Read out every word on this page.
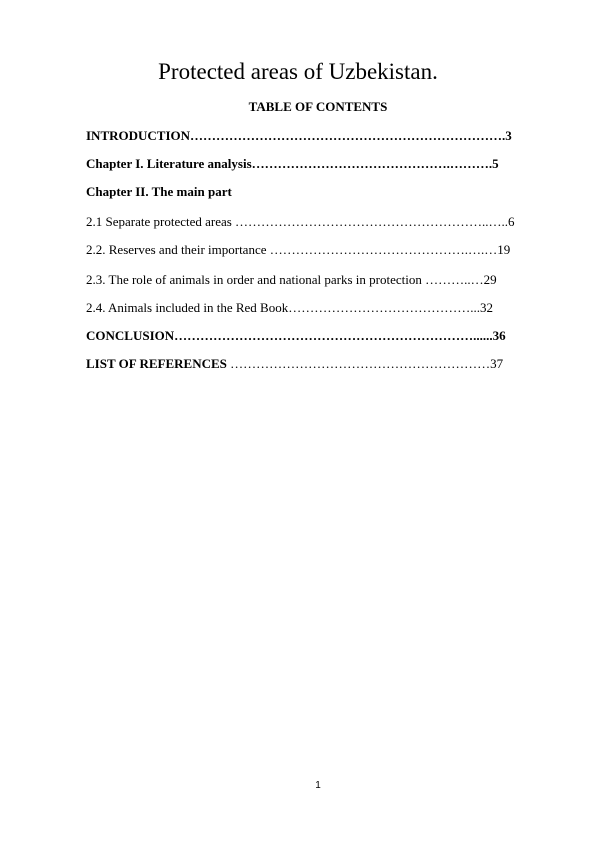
Protected areas of Uzbekistan.
TABLE OF CONTENTS
INTRODUCTION……………………………………………………………….3
Chapter I. Literature analysis……………………………………….……….5
Chapter II. The main part
2.1 Separate protected areas …………………………………………………..…..6
2.2. Reserves and their importance ……………………………………….….…19
2.3. The role of animals in order and national parks in protection ………..…29
2.4. Animals included in the Red Book……………………………………...32
CONCLUSION……………………………………………………………......36
LIST OF REFERENCES ……………………………………………………37
1
